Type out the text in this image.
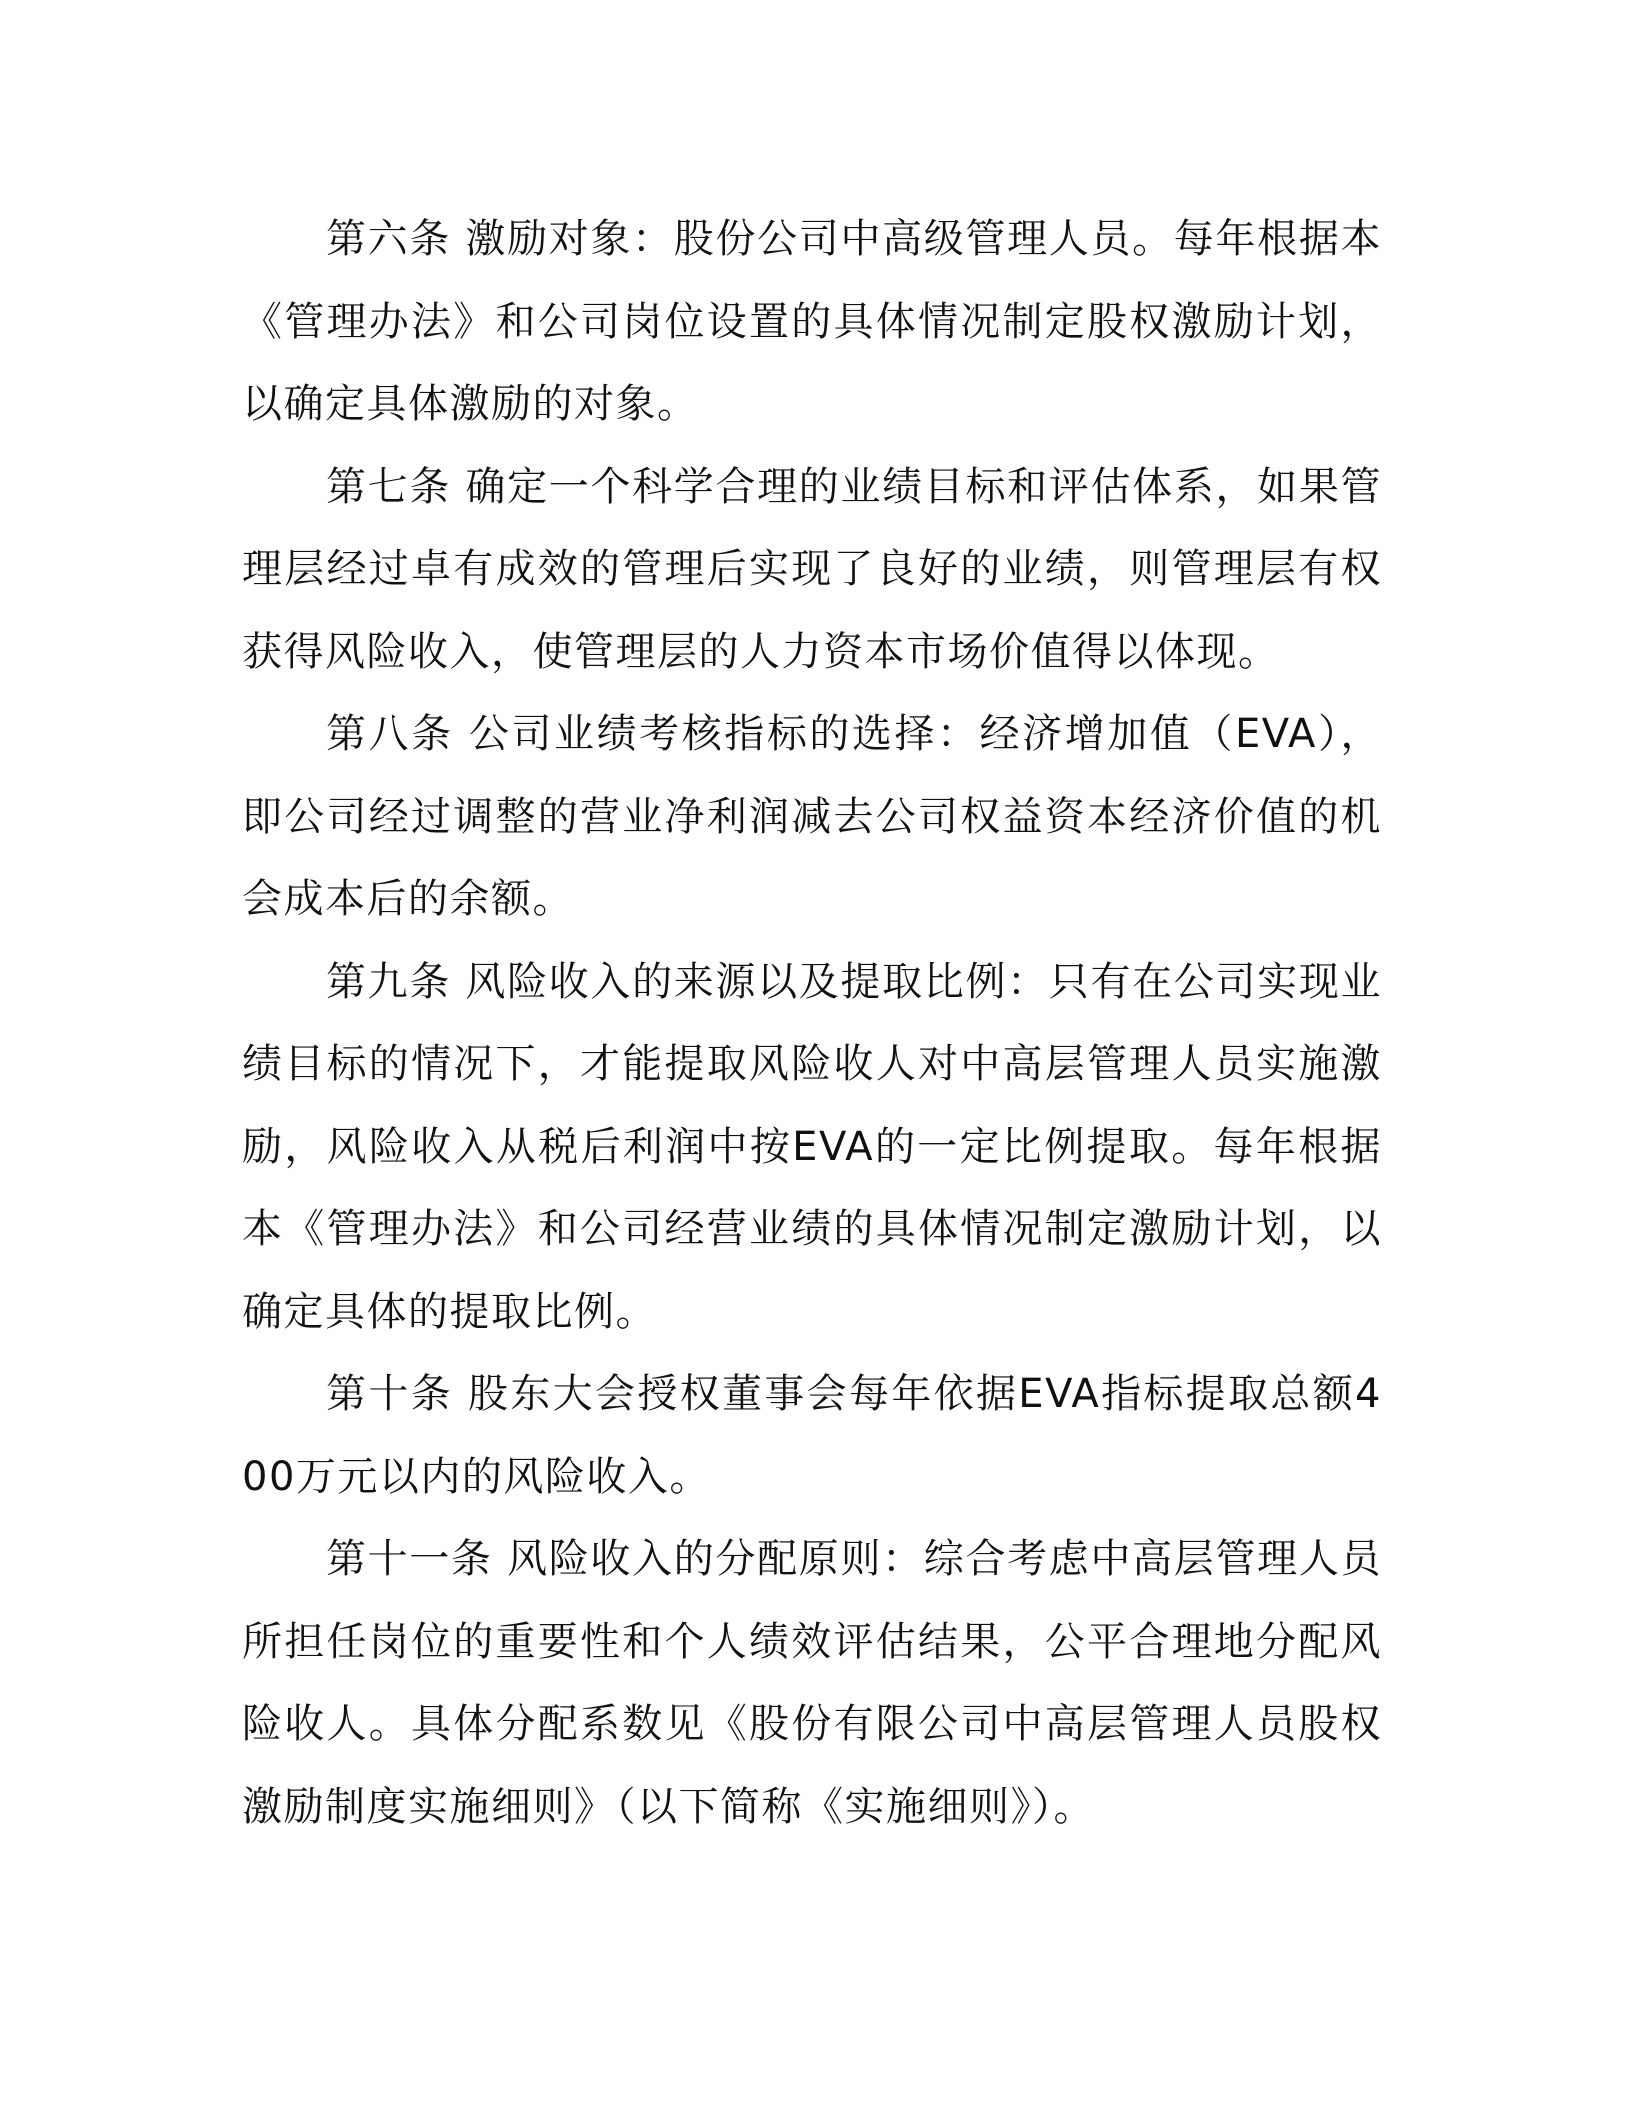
第六条 激励对象：股份公司中高级管理人员。每年根据本《管理办法》和公司岗位设置的具体情况制定股权激励计划，以确定具体激励的对象。

第七条 确定一个科学合理的业绩目标和评估体系，如果管理层经过卓有成效的管理后实现了良好的业绩，则管理层有权获得风险收入，使管理层的人力资本市场价值得以体现。

第八条 公司业绩考核指标的选择：经济增加值（EVA），即公司经过调整的营业净利润减去公司权益资本经济价值的机会成本后的余额。

第九条 风险收入的来源以及提取比例：只有在公司实现业绩目标的情况下，才能提取风险收人对中高层管理人员实施激励，风险收入从税后利润中按EVA的一定比例提取。每年根据本《管理办法》和公司经营业绩的具体情况制定激励计划，以确定具体的提取比例。

第十条 股东大会授权董事会每年依据EVA指标提取总额400万元以内的风险收入。

第十一条 风险收入的分配原则：综合考虑中高层管理人员所担任岗位的重要性和个人绩效评估结果，公平合理地分配风险收人。具体分配系数见《股份有限公司中高层管理人员股权激励制度实施细则》（以下简称《实施细则》）。
